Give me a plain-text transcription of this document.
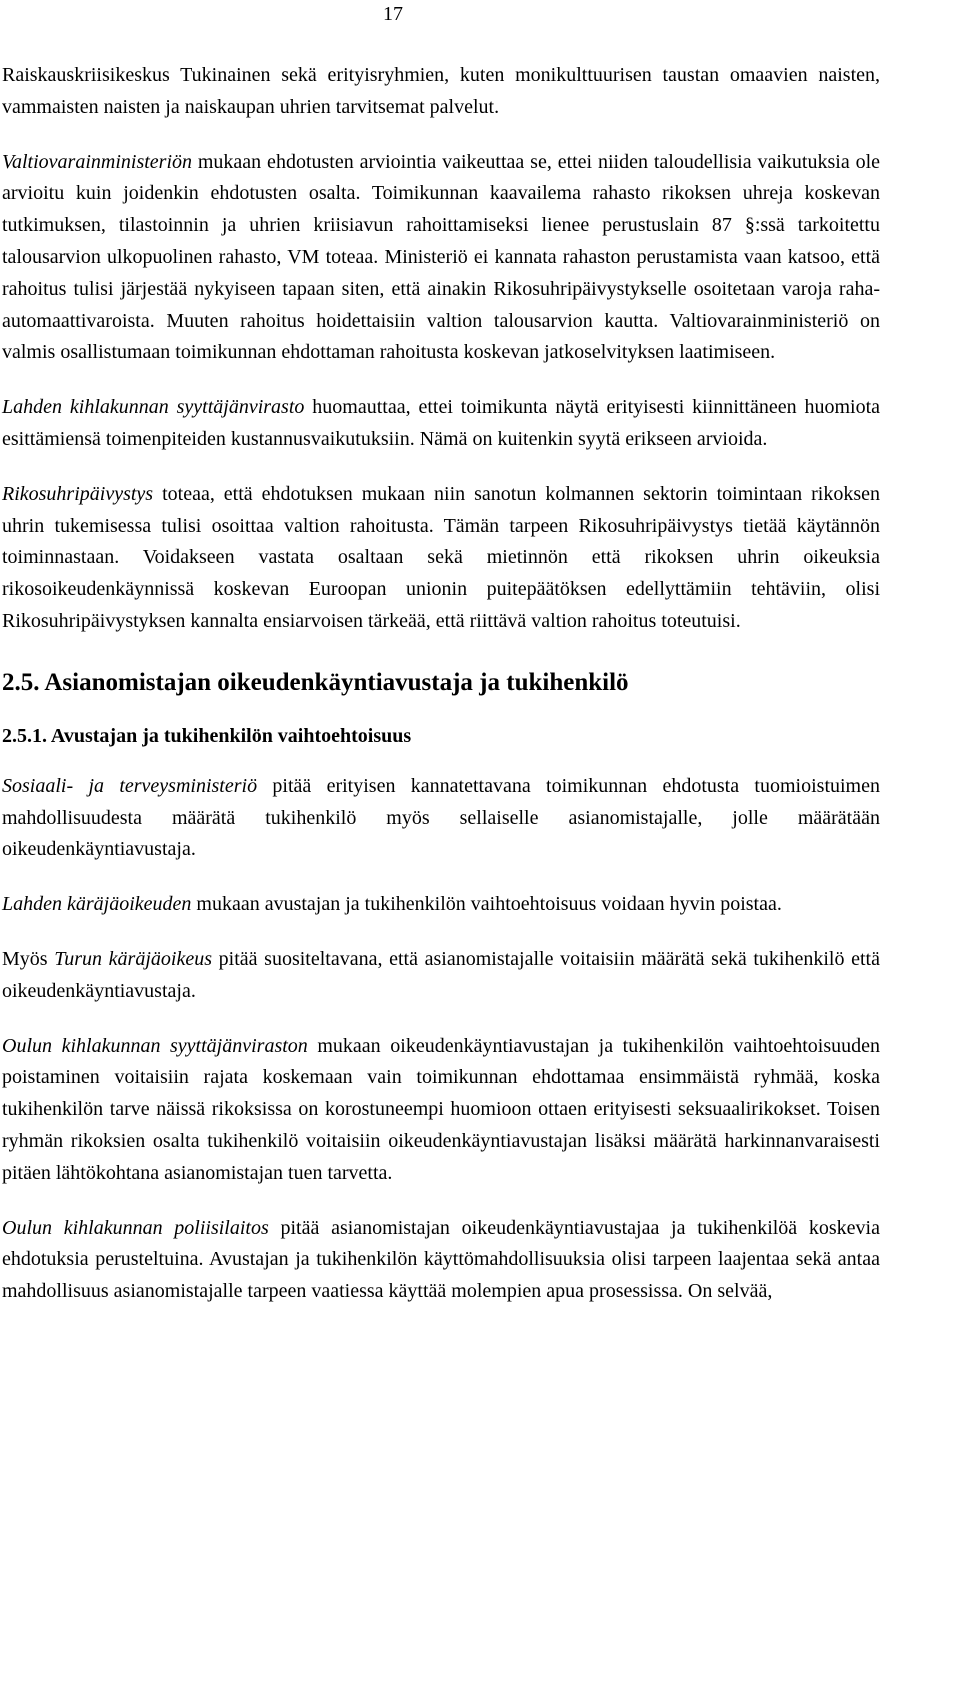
17

Raiskauskriisikeskus Tukinainen sekä erityisryhmien, kuten monikulttuurisen taustan omaavien naisten, vammaisten naisten ja naiskaupan uhrien tarvitsemat palvelut.

Valtiovarainministeriön mukaan ehdotusten arviointia vaikeuttaa se, ettei niiden taloudellisia vaikutuksia ole arvioitu kuin joidenkin ehdotusten osalta. Toimikunnan kaavailema rahasto rikoksen uhreja koskevan tutkimuksen, tilastoinnin ja uhrien kriisiavun rahoittamiseksi lienee perustuslain 87 §:ssä tarkoitettu talousarvion ulkopuolinen rahasto, VM toteaa. Ministeriö ei kannata rahaston perustamista vaan katsoo, että rahoitus tulisi järjestää nykyiseen tapaan siten, että ainakin Rikosuhripäivystykselle osoitetaan varoja raha-automaattivaroista. Muuten rahoitus hoidettaisiin valtion talousarvion kautta. Valtiovarainministeriö on valmis osallistumaan toimikunnan ehdottaman rahoitusta koskevan jatkoselvityksen laatimiseen.

Lahden kihlakunnan syyttäjänvirasto huomauttaa, ettei toimikunta näytä erityisesti kiinnittäneen huomiota esittämiensä toimenpiteiden kustannusvaikutuksiin. Nämä on kuitenkin syytä erikseen arvioida.

Rikosuhripäivystys toteaa, että ehdotuksen mukaan niin sanotun kolmannen sektorin toimintaan rikoksen uhrin tukemisessa tulisi osoittaa valtion rahoitusta. Tämän tarpeen Rikosuhripäivystys tietää käytännön toiminnastaan. Voidakseen vastata osaltaan sekä mietinnön että rikoksen uhrin oikeuksia rikosoikeudenkäynnissä koskevan Euroopan unionin puitepäätöksen edellyttämiin tehtäviin, olisi Rikosuhripäivystyksen kannalta ensiarvoisen tärkeää, että riittävä valtion rahoitus toteutuisi.

2.5. Asianomistajan oikeudenkäyntiavustaja ja tukihenkilö
2.5.1. Avustajan ja tukihenkilön vaihtoehtoisuus

Sosiaali- ja terveysministeriö pitää erityisen kannatettavana toimikunnan ehdotusta tuomioistuimen mahdollisuudesta määrätä tukihenkilö myös sellaiselle asianomistajalle, jolle määrätään oikeudenkäyntiavustaja.

Lahden käräjäoikeuden mukaan avustajan ja tukihenkilön vaihtoehtoisuus voidaan hyvin poistaa.

Myös Turun käräjäoikeus pitää suositeltavana, että asianomistajalle voitaisiin määrätä sekä tukihenkilö että oikeudenkäyntiavustaja.

Oulun kihlakunnan syyttäjänviraston mukaan oikeudenkäyntiavustajan ja tukihenkilön vaihtoehtoisuuden poistaminen voitaisiin rajata koskemaan vain toimikunnan ehdottamaa ensimmäistä ryhmää, koska tukihenkilön tarve näissä rikoksissa on korostuneempi huomioon ottaen erityisesti seksuaalirikokset. Toisen ryhmän rikoksien osalta tukihenkilö voitaisiin oikeudenkäyntiavustajan lisäksi määrätä harkinnanvaraisesti pitäen lähtökohtana asianomistajan tuen tarvetta.

Oulun kihlakunnan poliisilaitos pitää asianomistajan oikeudenkäyntiavustajaa ja tukihenkilöä koskevia ehdotuksia perusteltuina. Avustajan ja tukihenkilön käyttömahdollisuuksia olisi tarpeen laajentaa sekä antaa mahdollisuus asianomistajalle tarpeen vaatiessa käyttää molempien apua prosessissa. On selvää,
